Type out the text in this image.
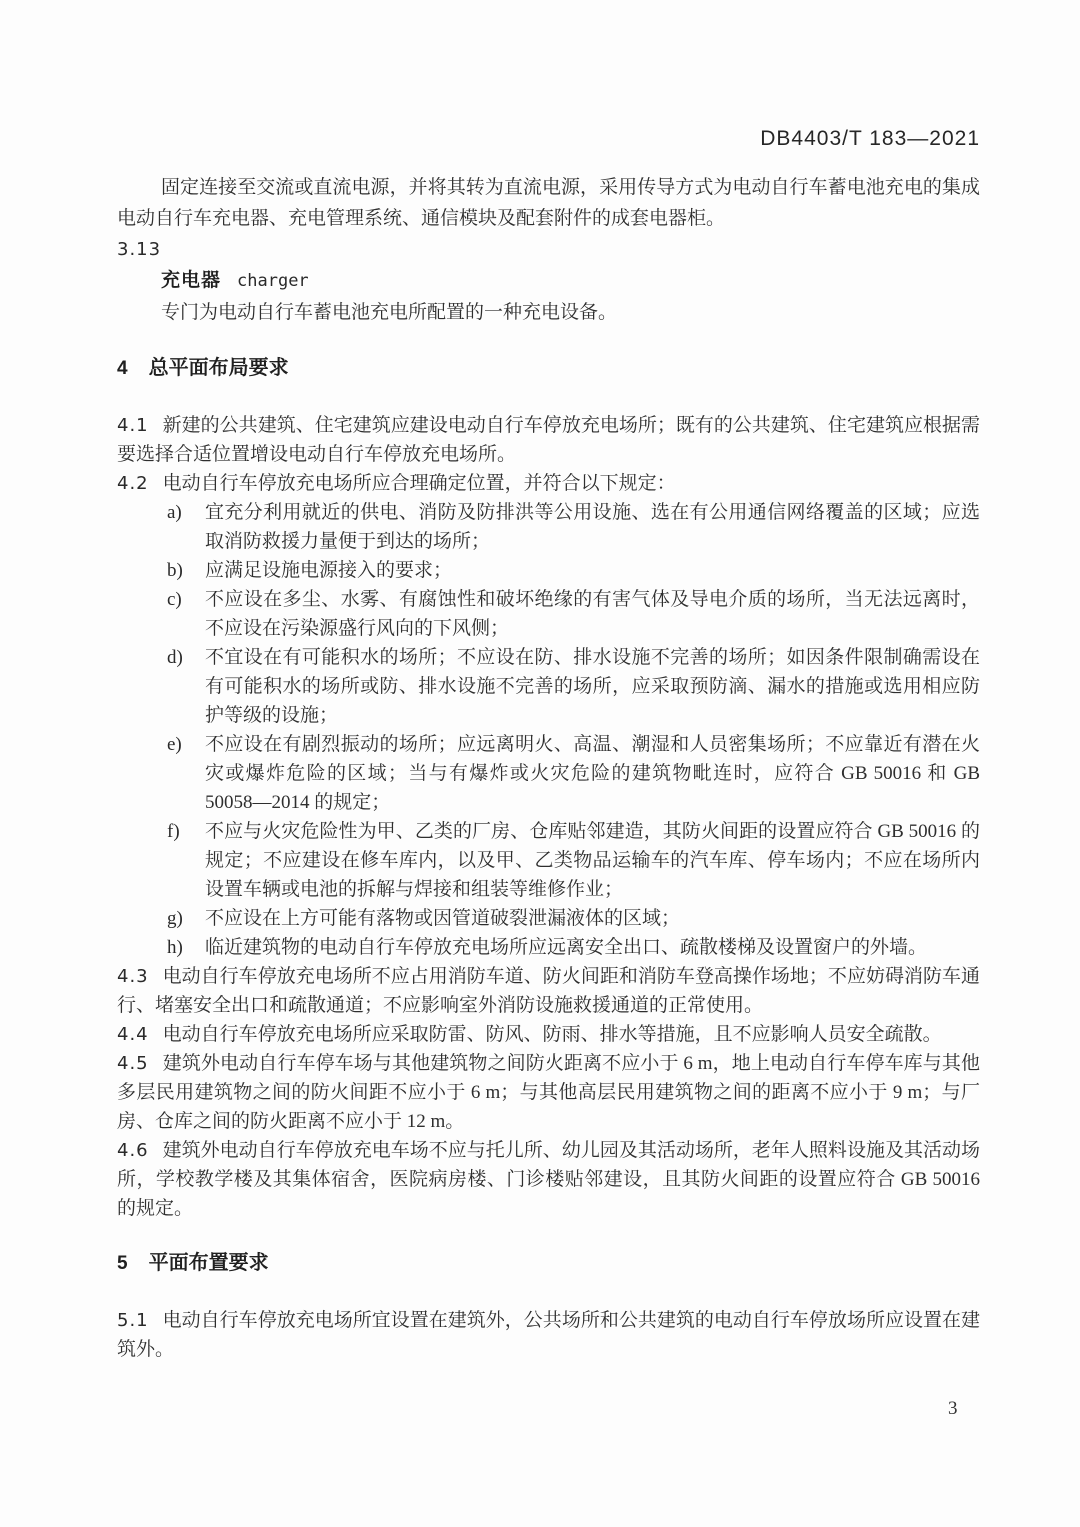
DB4403/T 183—2021

固定连接至交流或直流电源，并将其转为直流电源，采用传导方式为电动自行车蓄电池充电的集成电动自行车充电器、充电管理系统、通信模块及配套附件的成套电器柜。

3.13

充电器 charger

专门为电动自行车蓄电池充电所配置的一种充电设备。

4 总平面布局要求

4.1 新建的公共建筑、住宅建筑应建设电动自行车停放充电场所；既有的公共建筑、住宅建筑应根据需要选择合适位置增设电动自行车停放充电场所。

4.2 电动自行车停放充电场所应合理确定位置，并符合以下规定：

a) 宜充分利用就近的供电、消防及防排洪等公用设施、选在有公用通信网络覆盖的区域；应选取消防救援力量便于到达的场所；

b) 应满足设施电源接入的要求；

c) 不应设在多尘、水雾、有腐蚀性和破坏绝缘的有害气体及导电介质的场所，当无法远离时，不应设在污染源盛行风向的下风侧；

d) 不宜设在有可能积水的场所；不应设在防、排水设施不完善的场所；如因条件限制确需设在有可能积水的场所或防、排水设施不完善的场所，应采取预防滴、漏水的措施或选用相应防护等级的设施；

e) 不应设在有剧烈振动的场所；应远离明火、高温、潮湿和人员密集场所；不应靠近有潜在火灾或爆炸危险的区域；当与有爆炸或火灾危险的建筑物毗连时，应符合 GB 50016 和 GB 50058—2014 的规定；

f) 不应与火灾危险性为甲、乙类的厂房、仓库贴邻建造，其防火间距的设置应符合 GB 50016 的规定；不应建设在修车库内，以及甲、乙类物品运输车的汽车库、停车场内；不应在场所内设置车辆或电池的拆解与焊接和组装等维修作业；

g) 不应设在上方可能有落物或因管道破裂泄漏液体的区域；

h) 临近建筑物的电动自行车停放充电场所应远离安全出口、疏散楼梯及设置窗户的外墙。

4.3 电动自行车停放充电场所不应占用消防车道、防火间距和消防车登高操作场地；不应妨碍消防车通行、堵塞安全出口和疏散通道；不应影响室外消防设施救援通道的正常使用。

4.4 电动自行车停放充电场所应采取防雷、防风、防雨、排水等措施，且不应影响人员安全疏散。

4.5 建筑外电动自行车停车场与其他建筑物之间防火距离不应小于 6 m，地上电动自行车停车库与其他多层民用建筑物之间的防火间距不应小于 6 m；与其他高层民用建筑物之间的距离不应小于 9 m；与厂房、仓库之间的防火距离不应小于 12 m。

4.6 建筑外电动自行车停放充电车场不应与托儿所、幼儿园及其活动场所，老年人照料设施及其活动场所，学校教学楼及其集体宿舍，医院病房楼、门诊楼贴邻建设，且其防火间距的设置应符合 GB 50016 的规定。

5 平面布置要求

5.1 电动自行车停放充电场所宜设置在建筑外，公共场所和公共建筑的电动自行车停放场所应设置在建筑外。

3
